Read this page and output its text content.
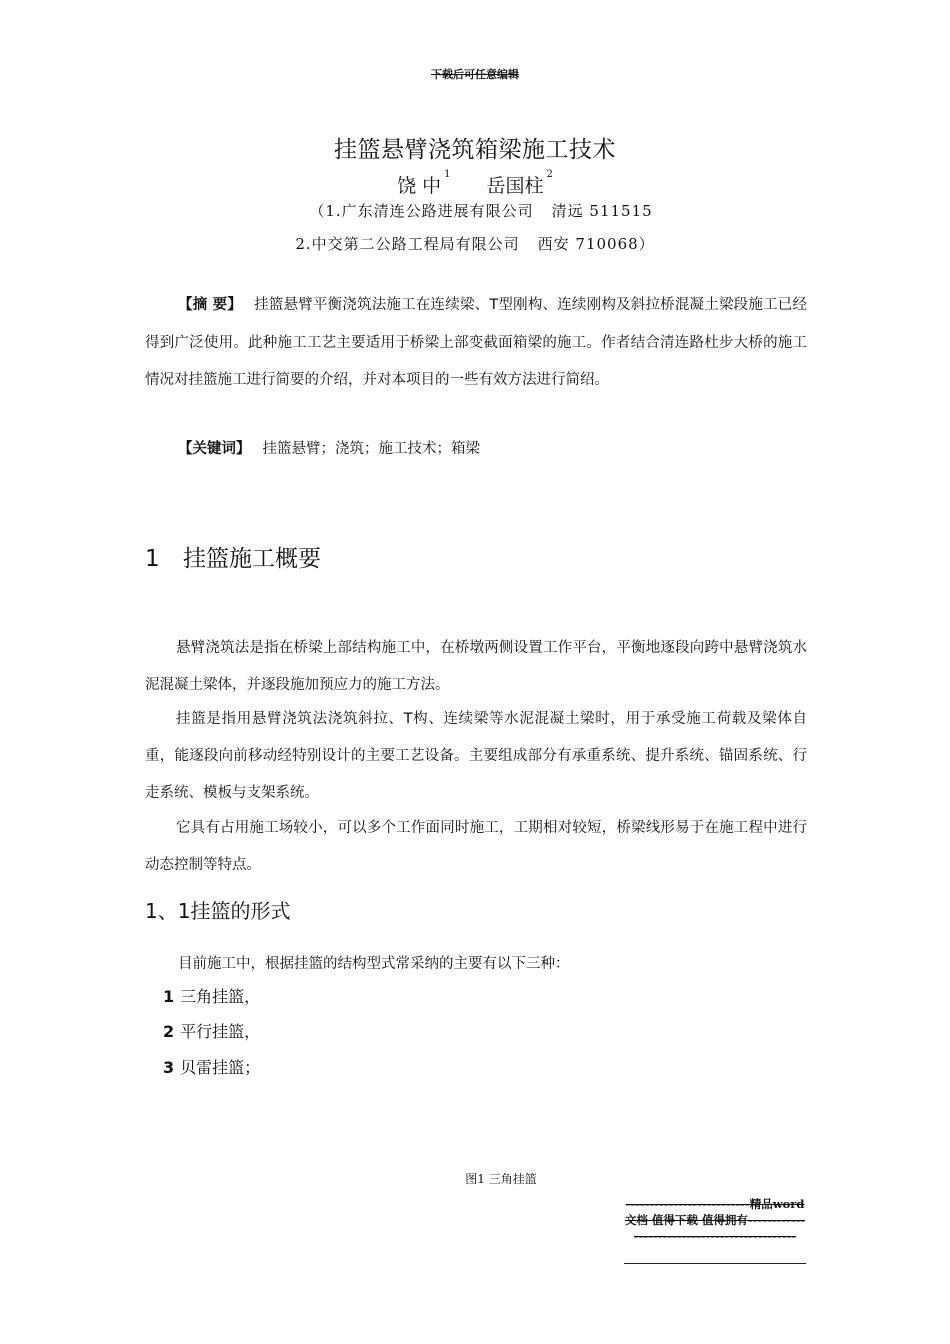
下载后可任意编辑
挂篮悬臂浇筑箱梁施工技术
饶 中$^1$岳国柱$^2$
（1.广东清连公路进展有限公司 清远 511515
2.中交第二公路工程局有限公司 西安 710068）
【摘 要】 挂篮悬臂平衡浇筑法施工在连续梁、T型刚构、连续刚构及斜拉桥混凝土梁段施工已经得到广泛使用。此种施工工艺主要适用于桥梁上部变截面箱梁的施工。作者结合清连路杜步大桥的施工情况对挂篮施工进行简要的介绍，并对本项目的一些有效方法进行简绍。
【关键词】 挂篮悬臂；浇筑；施工技术；箱梁
1 挂篮施工概要
悬臂浇筑法是指在桥梁上部结构施工中，在桥墩两侧设置工作平台，平衡地逐段向跨中悬臂浇筑水泥混凝土梁体，并逐段施加预应力的施工方法。
挂篮是指用悬臂浇筑法浇筑斜拉、T构、连续梁等水泥混凝土梁时，用于承受施工荷载及梁体自重，能逐段向前移动经特别设计的主要工艺设备。主要组成部分有承重系统、提升系统、锚固系统、行走系统、模板与支架系统。
它具有占用施工场较小，可以多个工作面同时施工，工期相对较短，桥梁线形易于在施工程中进行动态控制等特点。
1、1挂篮的形式
目前施工中，根据挂篮的结构型式常采纳的主要有以下三种：
1 三角挂篮，
2 平行挂篮，
3 贝雷挂篮；
图1 三角挂篮
--------------------------精品word文档 值得下载 值得拥有----------------------------------------------
